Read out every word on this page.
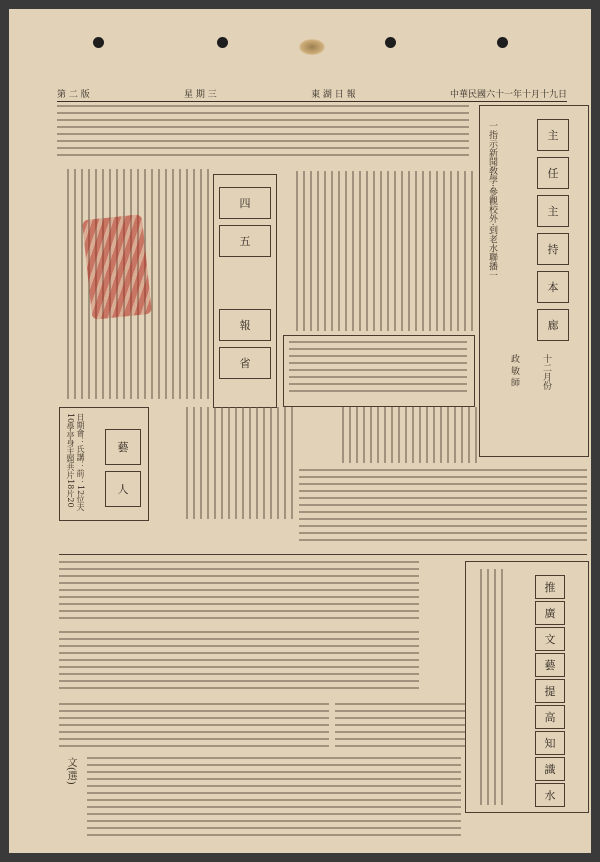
第 二 版	星 期 三	東 湖 日 報	中華民國六十一年十月十九日
主
任
主
持
本
廊
一指示新聞敎學·參觀校外·到老水聯播一
政 敏 師 十二月份
四
五
報
省
日期會：氏講：前：12位夫10學亭身主題共片18片20	藝
人
推
廣
文
藝
提
高
知
識
水
文(選)
